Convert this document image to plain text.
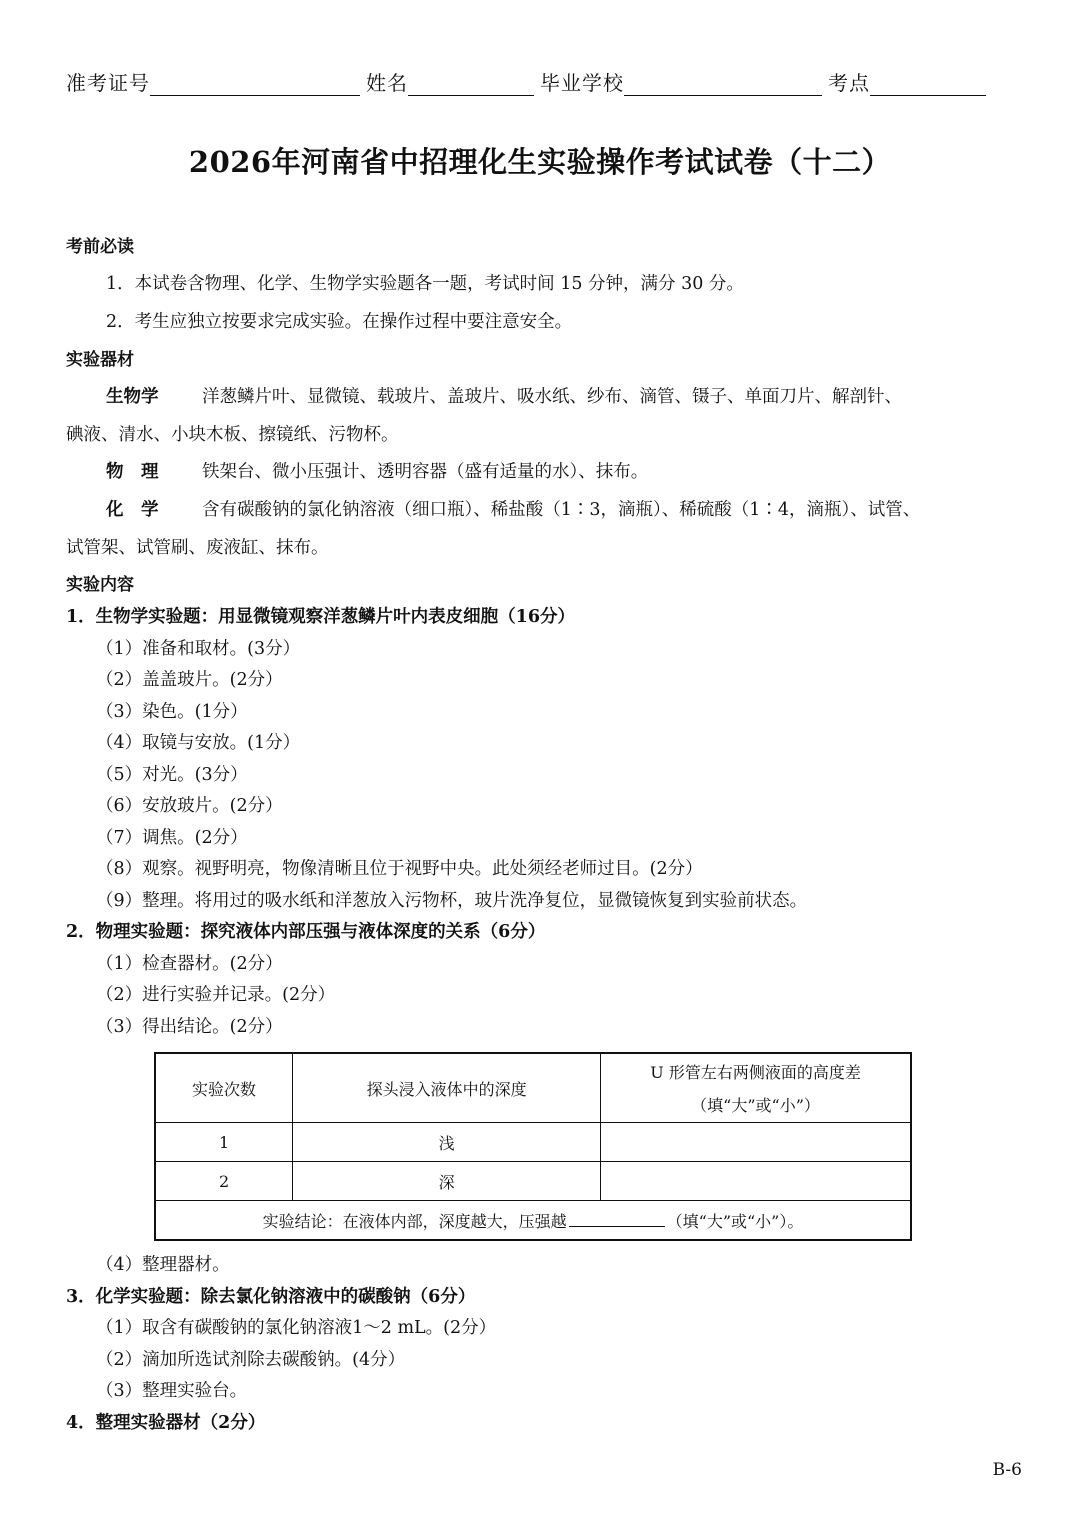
准考证号	姓名	毕业学校	考点
2026年河南省中招理化生实验操作考试试卷（十二）
考前必读
1．本试卷含物理、化学、生物学实验题各一题，考试时间 15 分钟，满分 30 分。
2．考生应独立按要求完成实验。在操作过程中要注意安全。
实验器材
生物学 洋葱鳞片叶、显微镜、载玻片、盖玻片、吸水纸、纱布、滴管、镊子、单面刀片、解剖针、
碘液、清水、小块木板、擦镜纸、污物杯。
物　理 铁架台、微小压强计、透明容器（盛有适量的水）、抹布。
化　学 含有碳酸钠的氯化钠溶液（细口瓶）、稀盐酸（1∶3，滴瓶）、稀硫酸（1∶4，滴瓶）、试管、
试管架、试管刷、废液缸、抹布。
实验内容
1．生物学实验题：用显微镜观察洋葱鳞片叶内表皮细胞（16分）
（1）准备和取材。(3分）
（2）盖盖玻片。(2分）
（3）染色。(1分）
（4）取镜与安放。(1分）
（5）对光。(3分）
（6）安放玻片。(2分）
（7）调焦。(2分）
（8）观察。视野明亮，物像清晰且位于视野中央。此处须经老师过目。(2分）
（9）整理。将用过的吸水纸和洋葱放入污物杯，玻片洗净复位，显微镜恢复到实验前状态。
2．物理实验题：探究液体内部压强与液体深度的关系（6分）
（1）检查器材。(2分）
（2）进行实验并记录。(2分）
（3）得出结论。(2分）
实验次数	探头浸入液体中的深度	U 形管左右两侧液面的高度差
（填“大”或“小”）

1	浅	
2	深	
实验结论：在液体内部，深度越大，压强越 （填“大”或“小”）。		
（4）整理器材。
3．化学实验题：除去氯化钠溶液中的碳酸钠（6分）
（1）取含有碳酸钠的氯化钠溶液1～2 mL。(2分）
（2）滴加所选试剂除去碳酸钠。(4分）
（3）整理实验台。
4．整理实验器材（2分）
B-6
